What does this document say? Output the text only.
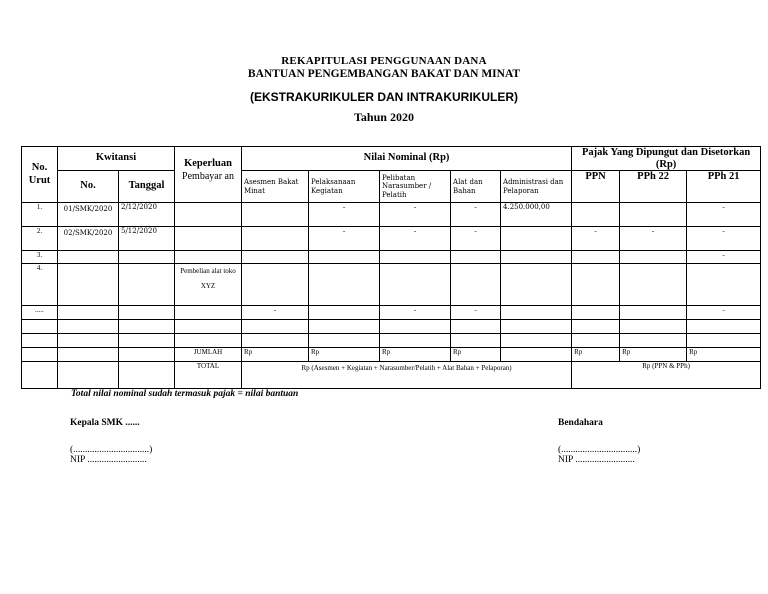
REKAPITULASI PENGGUNAAN DANA
BANTUAN PENGEMBANGAN BAKAT DAN MINAT
(EKSTRAKURIKULER DAN INTRAKURIKULER)
Tahun 2020
No. Urut	Kwitansi		Keperluan	Nilai Nominal (Rp)					Pajak Yang Dipungut dan Disetorkan (Rp)		
	No.	Tanggal	Pembayar an	Asesmen Bakat Minat	Pelaksanaan Kegiatan	Pelibatan Narasumber / Pelatih	Alat dan Bahan	Administrasi dan Pelaporan	PPN	PPh 22	PPh 21
1.	01/SMK/2020	2/12/2020			-	-	-	4.250.000,00			-
2.	02/SMK/2020	5/12/2020			-	-	-		-	-	-
3.											-
4.			Pembelian alat toko XYZ								
.....				-		-	-				-

			JUMLAH	Rp	Rp	Rp	Rp		Rp	Rp	Rp
			TOTAL	Rp (Asesmen + Kegiatan + Narasumber/Pelatih + Alat Bahan + Pelaporan)					Rp (PPN & PPh)		
Total nilai nominal sudah termasuk pajak = nilai bantuan
Kepala SMK ......
(................................)
NIP .........................
Bendahara
(................................)
NIP .........................
